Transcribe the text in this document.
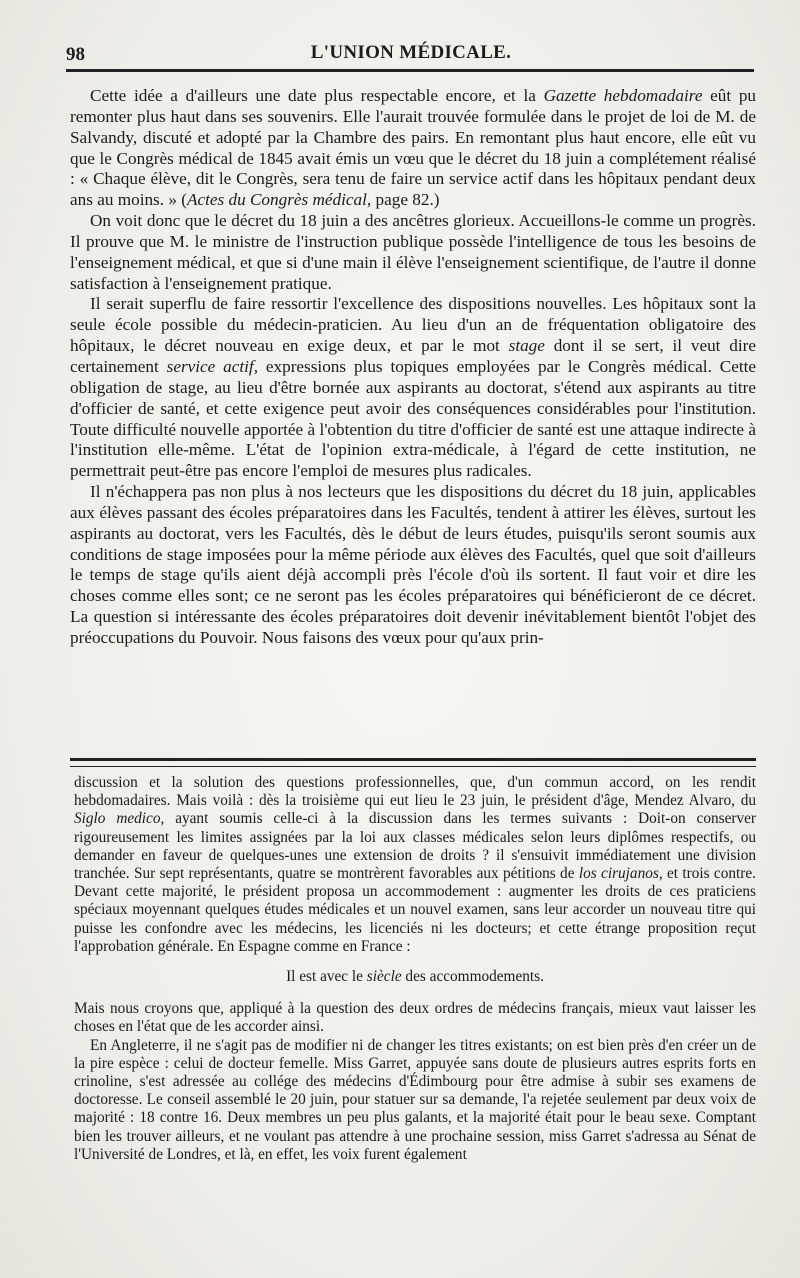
98	L'UNION MÉDICALE.

Cette idée a d'ailleurs une date plus respectable encore, et la Gazette hebdomadaire eût pu remonter plus haut dans ses souvenirs. Elle l'aurait trouvée formulée dans le projet de loi de M. de Salvandy, discuté et adopté par la Chambre des pairs. En remontant plus haut encore, elle eût vu que le Congrès médical de 1845 avait émis un vœu que le décret du 18 juin a complétement réalisé : « Chaque élève, dit le Congrès, sera tenu de faire un service actif dans les hôpitaux pendant deux ans au moins. » (Actes du Congrès médical, page 82.)

On voit donc que le décret du 18 juin a des ancêtres glorieux. Accueillons-le comme un progrès. Il prouve que M. le ministre de l'instruction publique possède l'intelligence de tous les besoins de l'enseignement médical, et que si d'une main il élève l'enseignement scientifique, de l'autre il donne satisfaction à l'enseignement pratique.

Il serait superflu de faire ressortir l'excellence des dispositions nouvelles. Les hôpitaux sont la seule école possible du médecin-praticien. Au lieu d'un an de fréquentation obligatoire des hôpitaux, le décret nouveau en exige deux, et par le mot stage dont il se sert, il veut dire certainement service actif, expressions plus topiques employées par le Congrès médical. Cette obligation de stage, au lieu d'être bornée aux aspirants au doctorat, s'étend aux aspirants au titre d'officier de santé, et cette exigence peut avoir des conséquences considérables pour l'institution. Toute difficulté nouvelle apportée à l'obtention du titre d'officier de santé est une attaque indirecte à l'institution elle-même. L'état de l'opinion extra-médicale, à l'égard de cette institution, ne permettrait peut-être pas encore l'emploi de mesures plus radicales.

Il n'échappera pas non plus à nos lecteurs que les dispositions du décret du 18 juin, applicables aux élèves passant des écoles préparatoires dans les Facultés, tendent à attirer les élèves, surtout les aspirants au doctorat, vers les Facultés, dès le début de leurs études, puisqu'ils seront soumis aux conditions de stage imposées pour la même période aux élèves des Facultés, quel que soit d'ailleurs le temps de stage qu'ils aient déjà accompli près l'école d'où ils sortent. Il faut voir et dire les choses comme elles sont; ce ne seront pas les écoles préparatoires qui bénéficieront de ce décret. La question si intéressante des écoles préparatoires doit devenir inévitablement bientôt l'objet des préoccupations du Pouvoir. Nous faisons des vœux pour qu'aux prin-

discussion et la solution des questions professionnelles, que, d'un commun accord, on les rendit hebdomadaires. Mais voilà : dès la troisième qui eut lieu le 23 juin, le président d'âge, Mendez Alvaro, du Siglo medico, ayant soumis celle-ci à la discussion dans les termes suivants : Doit-on conserver rigoureusement les limites assignées par la loi aux classes médicales selon leurs diplômes respectifs, ou demander en faveur de quelques-unes une extension de droits ? il s'ensuivit immédiatement une division tranchée. Sur sept représentants, quatre se montrèrent favorables aux pétitions de los cirujanos, et trois contre. Devant cette majorité, le président proposa un accommodement : augmenter les droits de ces praticiens spéciaux moyennant quelques études médicales et un nouvel examen, sans leur accorder un nouveau titre qui puisse les confondre avec les médecins, les licenciés ni les docteurs; et cette étrange proposition reçut l'approbation générale. En Espagne comme en France :

Il est avec le siècle des accommodements.

Mais nous croyons que, appliqué à la question des deux ordres de médecins français, mieux vaut laisser les choses en l'état que de les accorder ainsi.

En Angleterre, il ne s'agit pas de modifier ni de changer les titres existants; on est bien près d'en créer un de la pire espèce : celui de docteur femelle. Miss Garret, appuyée sans doute de plusieurs autres esprits forts en crinoline, s'est adressée au collége des médecins d'Édimbourg pour être admise à subir ses examens de doctoresse. Le conseil assemblé le 20 juin, pour statuer sur sa demande, l'a rejetée seulement par deux voix de majorité : 18 contre 16. Deux membres un peu plus galants, et la majorité était pour le beau sexe. Comptant bien les trouver ailleurs, et ne voulant pas attendre à une prochaine session, miss Garret s'adressa au Sénat de l'Université de Londres, et là, en effet, les voix furent également
